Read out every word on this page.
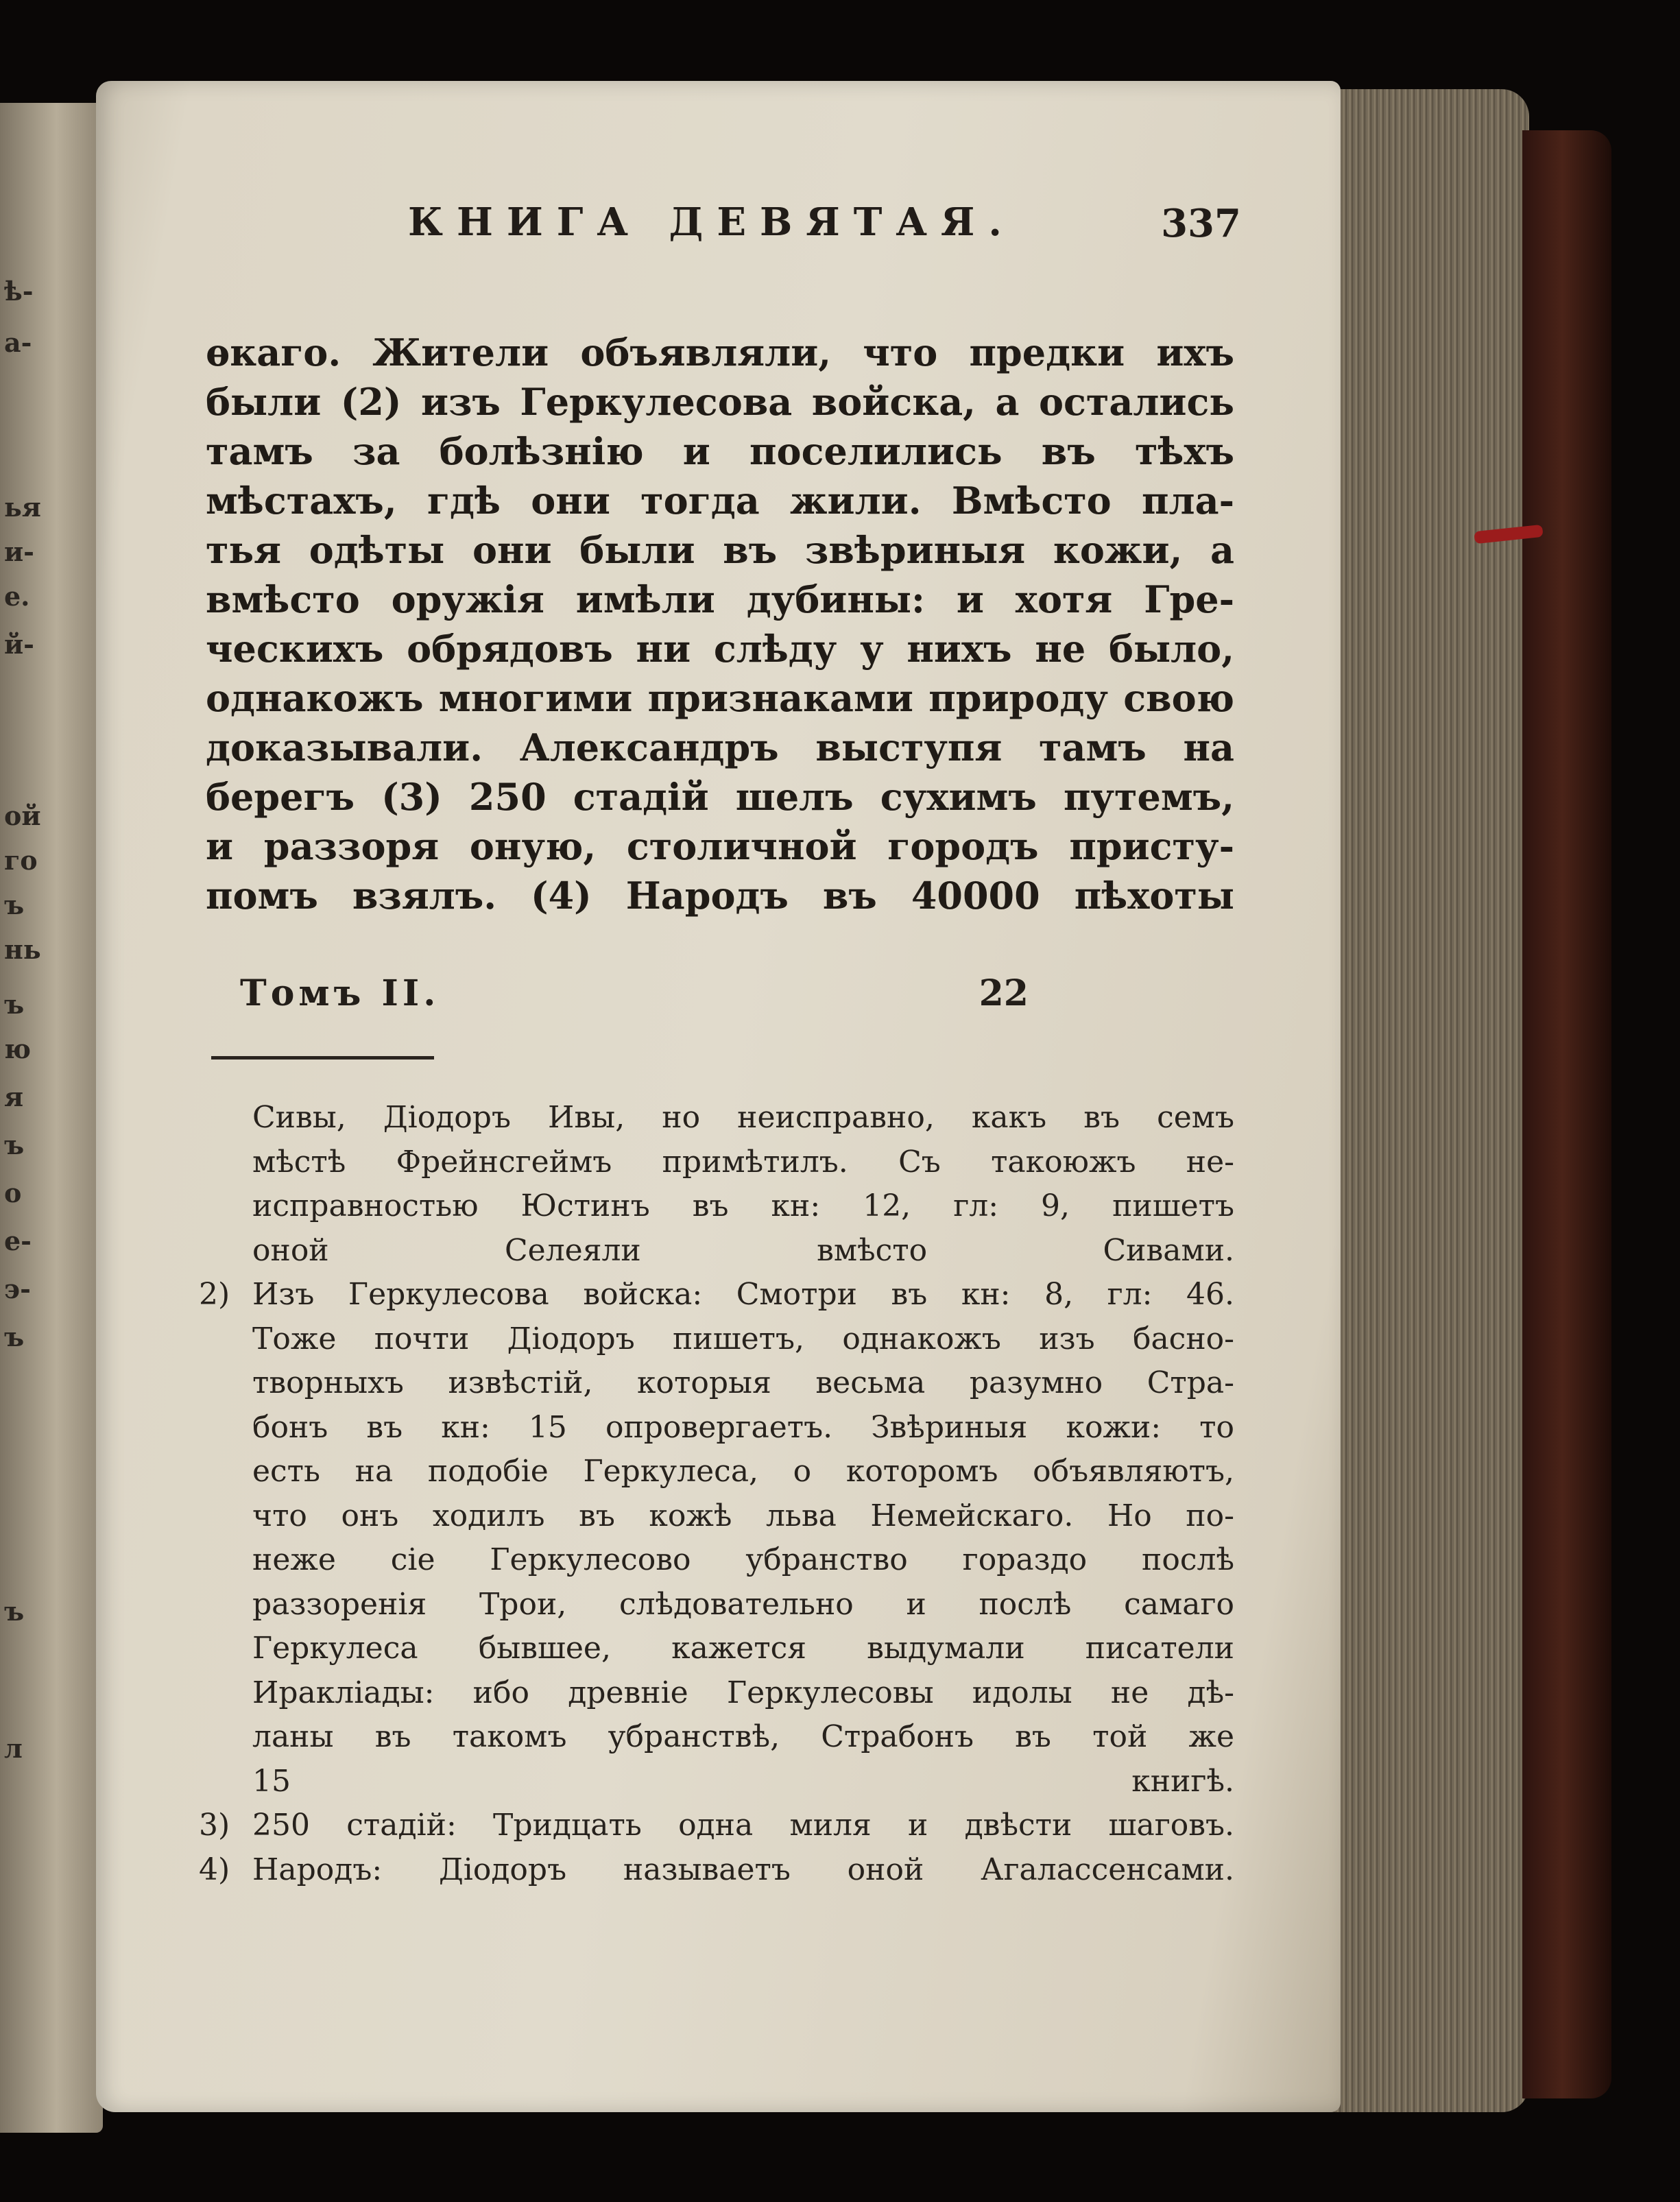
ѣ-
а-
ья
и-
е.
й-
ой
го
ъ
нь
ъ
ю
я
ъ
о
е-
э-
ъ
ъ
л
КНИГА ДЕВЯТАЯ.	337
ѳкаго. Жители объявляли, что предки ихъ
были (2) изъ Геркулесова войска, а остались
тамъ за болѣзнію и поселились въ тѣхъ
мѣстахъ, гдѣ они тогда жили. Вмѣсто пла-
тья одѣты они были въ звѣриныя кожи, а
вмѣсто оружія имѣли дубины: и хотя Гре-
ческихъ обрядовъ ни слѣду у нихъ не было,
однакожъ многими признаками природу свою
доказывали. Александръ выступя тамъ на
берегъ (3) 250 стадій шелъ сухимъ путемъ,
и раззоря оную, столичной городъ присту-
помъ взялъ. (4) Народъ въ 40000 пѣхоты
Томъ II.	22
Сивы, Діодоръ Ивы, но неисправно, какъ въ семъ
мѣстѣ Фрейнсгеймъ примѣтилъ. Съ такоюжъ не-
исправностью Юстинъ въ кн: 12, гл: 9, пишетъ
оной Селеяли вмѣсто Сивами.
2) Изъ Геркулесова войска: Смотри въ кн: 8, гл: 46.
Тоже почти Діодоръ пишетъ, однакожъ изъ басно-
творныхъ извѣстій, которыя весьма разумно Стра-
бонъ въ кн: 15 опровергаетъ. Звѣриныя кожи: то
есть на подобіе Геркулеса, о которомъ объявляютъ,
что онъ ходилъ въ кожѣ льва Немейскаго. Но по-
неже сіе Геркулесово убранство гораздо послѣ
раззоренія Трои, слѣдовательно и послѣ самаго
Геркулеса бывшее, кажется выдумали писатели
Иракліады: ибо древніе Геркулесовы идолы не дѣ-
ланы въ такомъ убранствѣ, Страбонъ въ той же
15 книгѣ.
3) 250 стадій: Тридцать одна миля и двѣсти шаговъ.
4) Народъ: Діодоръ называетъ оной Агалассенсами.
